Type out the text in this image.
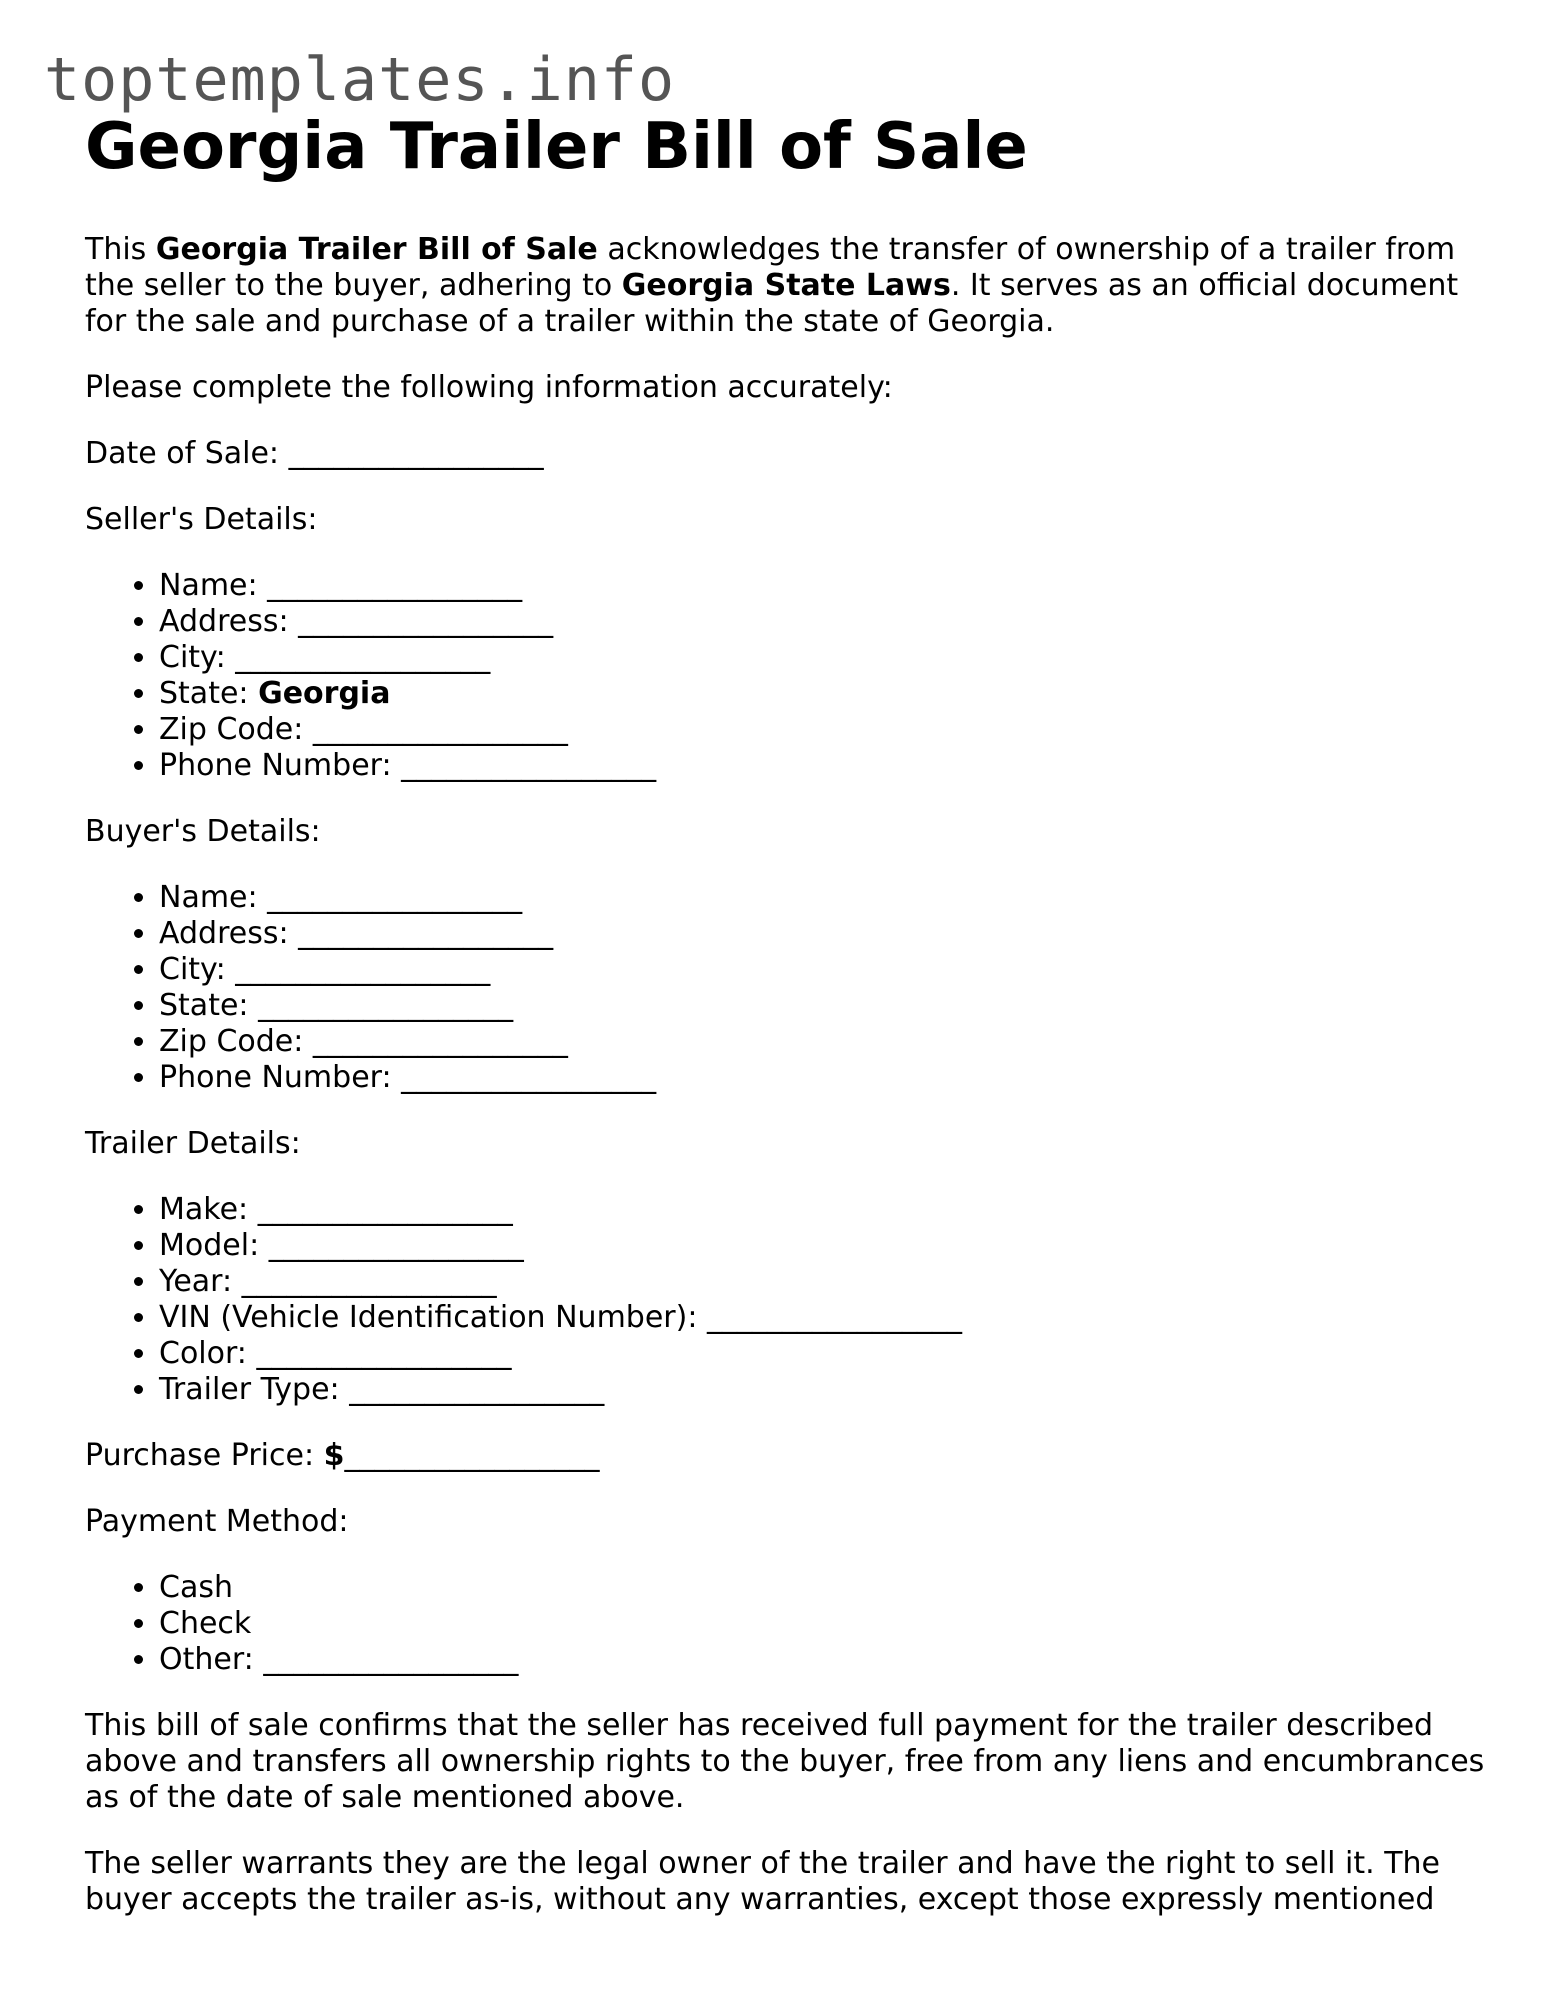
toptemplates.info
Georgia Trailer Bill of Sale

This Georgia Trailer Bill of Sale acknowledges the transfer of ownership of a trailer from the seller to the buyer, adhering to Georgia State Laws. It serves as an official document for the sale and purchase of a trailer within the state of Georgia.

Please complete the following information accurately:

Date of Sale: _________________

Seller's Details:

• Name: _________________
• Address: _________________
• City: _________________
• State: Georgia
• Zip Code: _________________
• Phone Number: _________________

Buyer's Details:

• Name: _________________
• Address: _________________
• City: _________________
• State: _________________
• Zip Code: _________________
• Phone Number: _________________

Trailer Details:

• Make: _________________
• Model: _________________
• Year: _________________
• VIN (Vehicle Identification Number): _________________
• Color: _________________
• Trailer Type: _________________

Purchase Price: $_________________

Payment Method:

• Cash
• Check
• Other: _________________

This bill of sale confirms that the seller has received full payment for the trailer described above and transfers all ownership rights to the buyer, free from any liens and encumbrances as of the date of sale mentioned above.

The seller warrants they are the legal owner of the trailer and have the right to sell it. The buyer accepts the trailer as-is, without any warranties, except those expressly mentioned
